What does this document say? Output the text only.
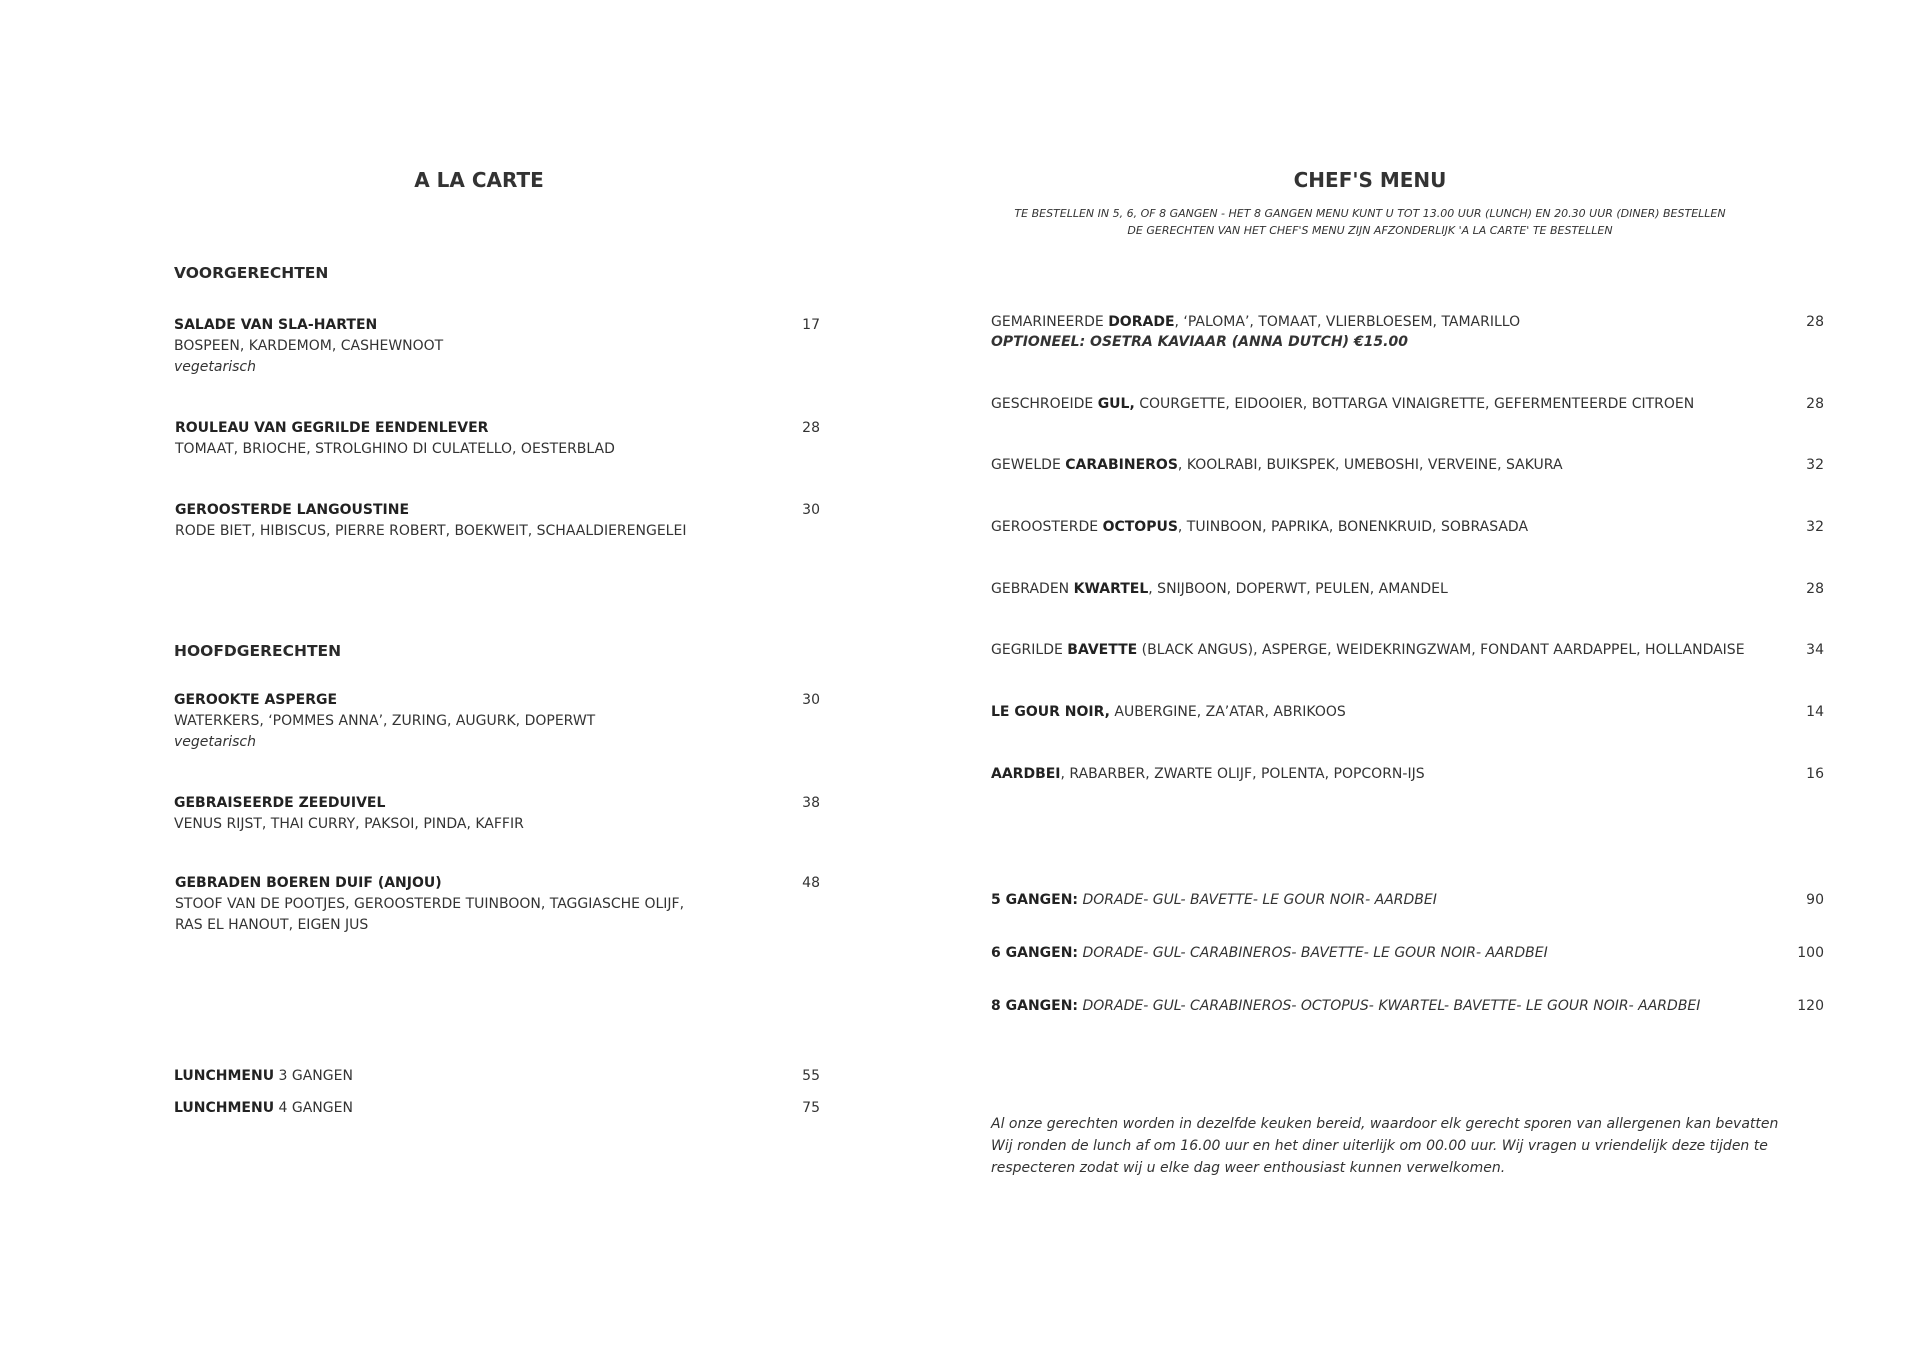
A LA CARTE
VOORGERECHTEN
SALADE VAN SLA-HARTEN
BOSPEEN, KARDEMOM, CASHEWNOOT
vegetarisch
17
ROULEAU VAN GEGRILDE EENDENLEVER
TOMAAT, BRIOCHE, STROLGHINO DI CULATELLO, OESTERBLAD
28
GEROOSTERDE LANGOUSTINE
RODE BIET, HIBISCUS, PIERRE ROBERT, BOEKWEIT, SCHAALDIERENGELEI
30
HOOFDGERECHTEN
GEROOKTE ASPERGE
WATERKERS, ‘POMMES ANNA’, ZURING, AUGURK, DOPERWT
vegetarisch
30
GEBRAISEERDE ZEEDUIVEL
VENUS RIJST, THAI CURRY, PAKSOI, PINDA, KAFFIR
38
GEBRADEN BOEREN DUIF (ANJOU)
STOOF VAN DE POOTJES, GEROOSTERDE TUINBOON, TAGGIASCHE OLIJF,
RAS EL HANOUT, EIGEN JUS
48
LUNCHMENU 3 GANGEN	55
LUNCHMENU 4 GANGEN	75
CHEF'S MENU
TE BESTELLEN IN 5, 6, OF 8 GANGEN - HET 8 GANGEN MENU KUNT U TOT 13.00 UUR (LUNCH) EN 20.30 UUR (DINER) BESTELLEN
DE GERECHTEN VAN HET CHEF'S MENU ZIJN AFZONDERLIJK 'A LA CARTE' TE BESTELLEN
GEMARINEERDE DORADE, ‘PALOMA’, TOMAAT, VLIERBLOESEM, TAMARILLO
OPTIONEEL: OSETRA KAVIAAR (ANNA DUTCH) €15.00
28
GESCHROEIDE GUL, COURGETTE, EIDOOIER, BOTTARGA VINAIGRETTE, GEFERMENTEERDE CITROEN	28
GEWELDE CARABINEROS, KOOLRABI, BUIKSPEK, UMEBOSHI, VERVEINE, SAKURA	32
GEROOSTERDE OCTOPUS, TUINBOON, PAPRIKA, BONENKRUID, SOBRASADA	32
GEBRADEN KWARTEL, SNIJBOON, DOPERWT, PEULEN, AMANDEL	28
GEGRILDE BAVETTE (BLACK ANGUS), ASPERGE, WEIDEKRINGZWAM, FONDANT AARDAPPEL, HOLLANDAISE	34
LE GOUR NOIR, AUBERGINE, ZA’ATAR, ABRIKOOS	14
AARDBEI, RABARBER, ZWARTE OLIJF, POLENTA, POPCORN-IJS	16
5 GANGEN: DORADE- GUL- BAVETTE- LE GOUR NOIR- AARDBEI	90
6 GANGEN: DORADE- GUL- CARABINEROS- BAVETTE- LE GOUR NOIR- AARDBEI	100
8 GANGEN: DORADE- GUL- CARABINEROS- OCTOPUS- KWARTEL- BAVETTE- LE GOUR NOIR- AARDBEI	120
Al onze gerechten worden in dezelfde keuken bereid, waardoor elk gerecht sporen van allergenen kan bevatten
Wij ronden de lunch af om 16.00 uur en het diner uiterlijk om 00.00 uur. Wij vragen u vriendelijk deze tijden te
respecteren zodat wij u elke dag weer enthousiast kunnen verwelkomen.
